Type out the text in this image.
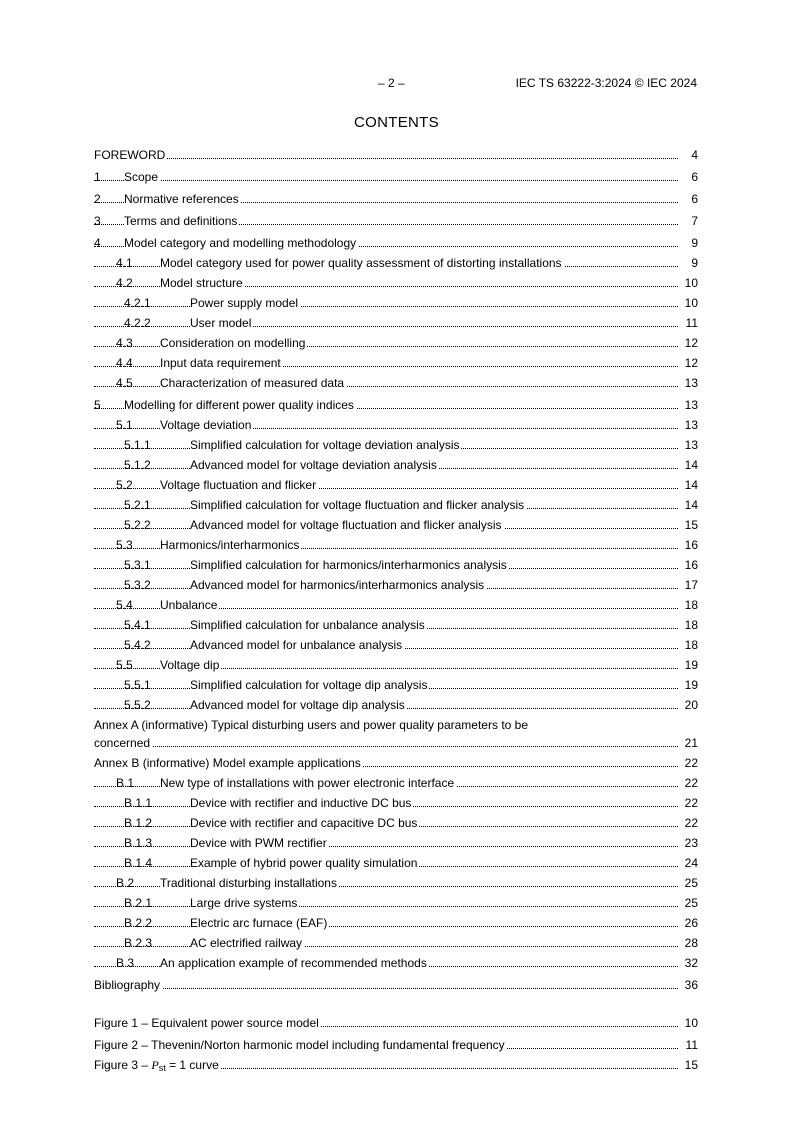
– 2 –	IEC TS 63222-3:2024 © IEC 2024
CONTENTS
FOREWORD	4
1 Scope	6
2 Normative references	6
3 Terms and definitions	7
4 Model category and modelling methodology	9
4.1 Model category used for power quality assessment of distorting installations	9
4.2 Model structure	10
4.2.1	Power supply model	10
4.2.2	User model	11
4.3 Consideration on modelling	12
4.4 Input data requirement	12
4.5 Characterization of measured data	13
5 Modelling for different power quality indices	13
5.1 Voltage deviation	13
5.1.1	Simplified calculation for voltage deviation analysis	13
5.1.2	Advanced model for voltage deviation analysis	14
5.2 Voltage fluctuation and flicker	14
5.2.1	Simplified calculation for voltage fluctuation and flicker analysis	14
5.2.2	Advanced model for voltage fluctuation and flicker analysis	15
5.3 Harmonics/interharmonics	16
5.3.1	Simplified calculation for harmonics/interharmonics analysis	16
5.3.2	Advanced model for harmonics/interharmonics analysis	17
5.4 Unbalance	18
5.4.1	Simplified calculation for unbalance analysis	18
5.4.2	Advanced model for unbalance analysis	18
5.5 Voltage dip	19
5.5.1	Simplified calculation for voltage dip analysis	19
5.5.2	Advanced model for voltage dip analysis	20
Annex A (informative) Typical disturbing users and power quality parameters to be
concerned	21
Annex B (informative) Model example applications	22
B.1 New type of installations with power electronic interface	22
B.1.1	Device with rectifier and inductive DC bus	22
B.1.2	Device with rectifier and capacitive DC bus	22
B.1.3	Device with PWM rectifier	23
B.1.4	Example of hybrid power quality simulation	24
B.2 Traditional disturbing installations	25
B.2.1	Large drive systems	25
B.2.2	Electric arc furnace (EAF)	26
B.2.3	AC electrified railway	28
B.3 An application example of recommended methods	32
Bibliography	36
Figure 1 – Equivalent power source model	10
Figure 2 – Thevenin/Norton harmonic model including fundamental frequency	11
Figure $3 - P_{st} = 1$ curve	15
